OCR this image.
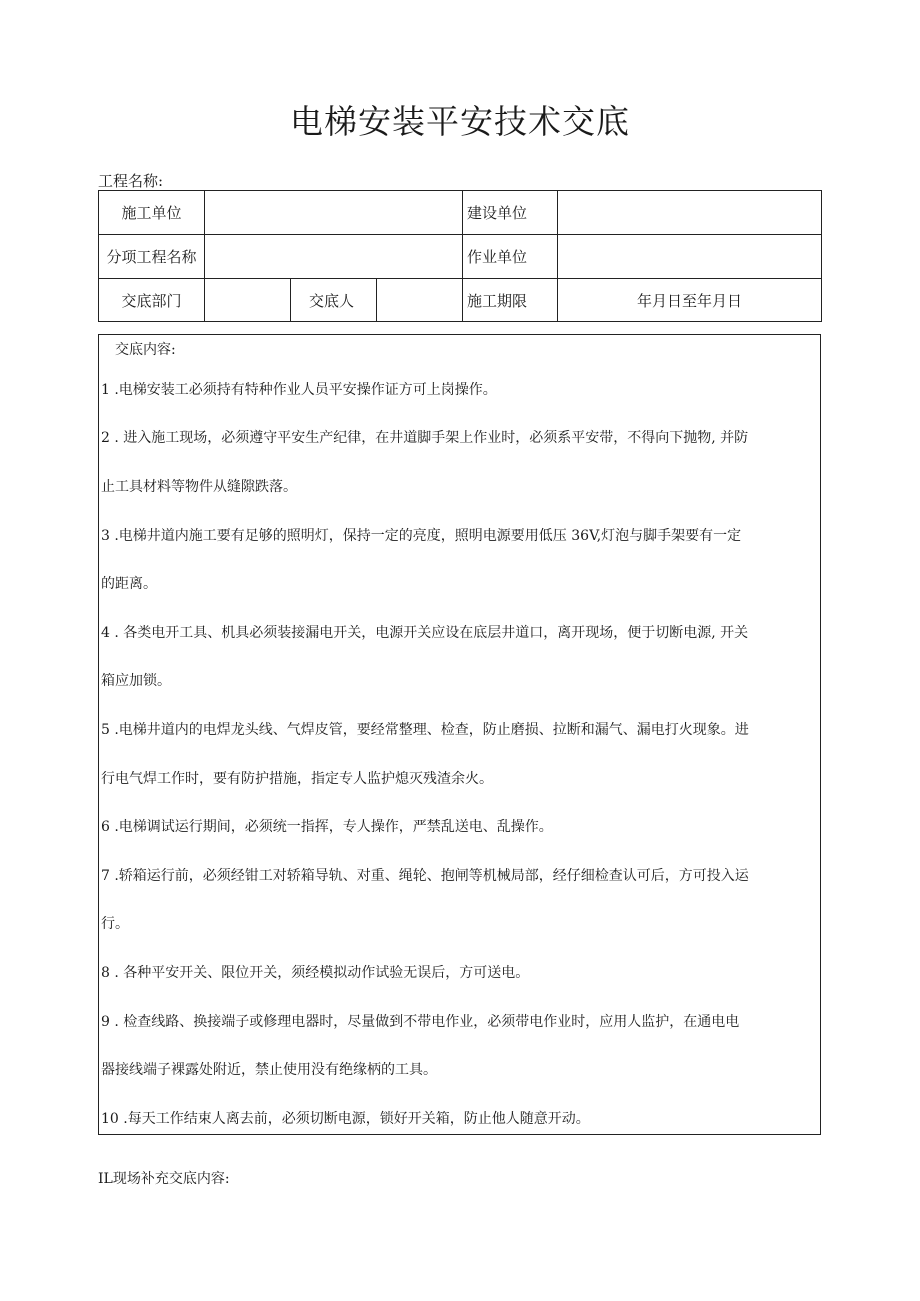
电梯安装平安技术交底
工程名称:
施工单位				建设单位	
分项工程名称				作业单位	
交底部门		交底人		施工期限	年月日至年月日
交底内容:
1 .电梯安装工必须持有特种作业人员平安操作证方可上岗操作。
2 . 进入施工现场，必须遵守平安生产纪律，在井道脚手架上作业时，必须系平安带，不得向下抛物, 并防
止工具材料等物件从缝隙跌落。
3 .电梯井道内施工要有足够的照明灯，保持一定的亮度，照明电源要用低压 36V,灯泡与脚手架要有一定
的距离。
4 . 各类电开工具、机具必须装接漏电开关，电源开关应设在底层井道口，离开现场，便于切断电源, 开关
箱应加锁。
5 .电梯井道内的电焊龙头线、气焊皮管，要经常整理、检查，防止磨损、拉断和漏气、漏电打火现象。进
行电气焊工作时，要有防护措施，指定专人监护熄灭残渣余火。
6 .电梯调试运行期间，必须统一指挥，专人操作，严禁乱送电、乱操作。
7 .轿箱运行前，必须经钳工对轿箱导轨、对重、绳轮、抱闸等机械局部，经仔细检查认可后，方可投入运
行。
8 . 各种平安开关、限位开关，须经模拟动作试验无误后，方可送电。
9 . 检查线路、换接端子或修理电器时，尽量做到不带电作业，必须带电作业时，应用人监护，在通电电
器接线端子裸露处附近，禁止使用没有绝缘柄的工具。
10 .每天工作结束人离去前，必须切断电源，锁好开关箱，防止他人随意开动。
IL现场补充交底内容:
